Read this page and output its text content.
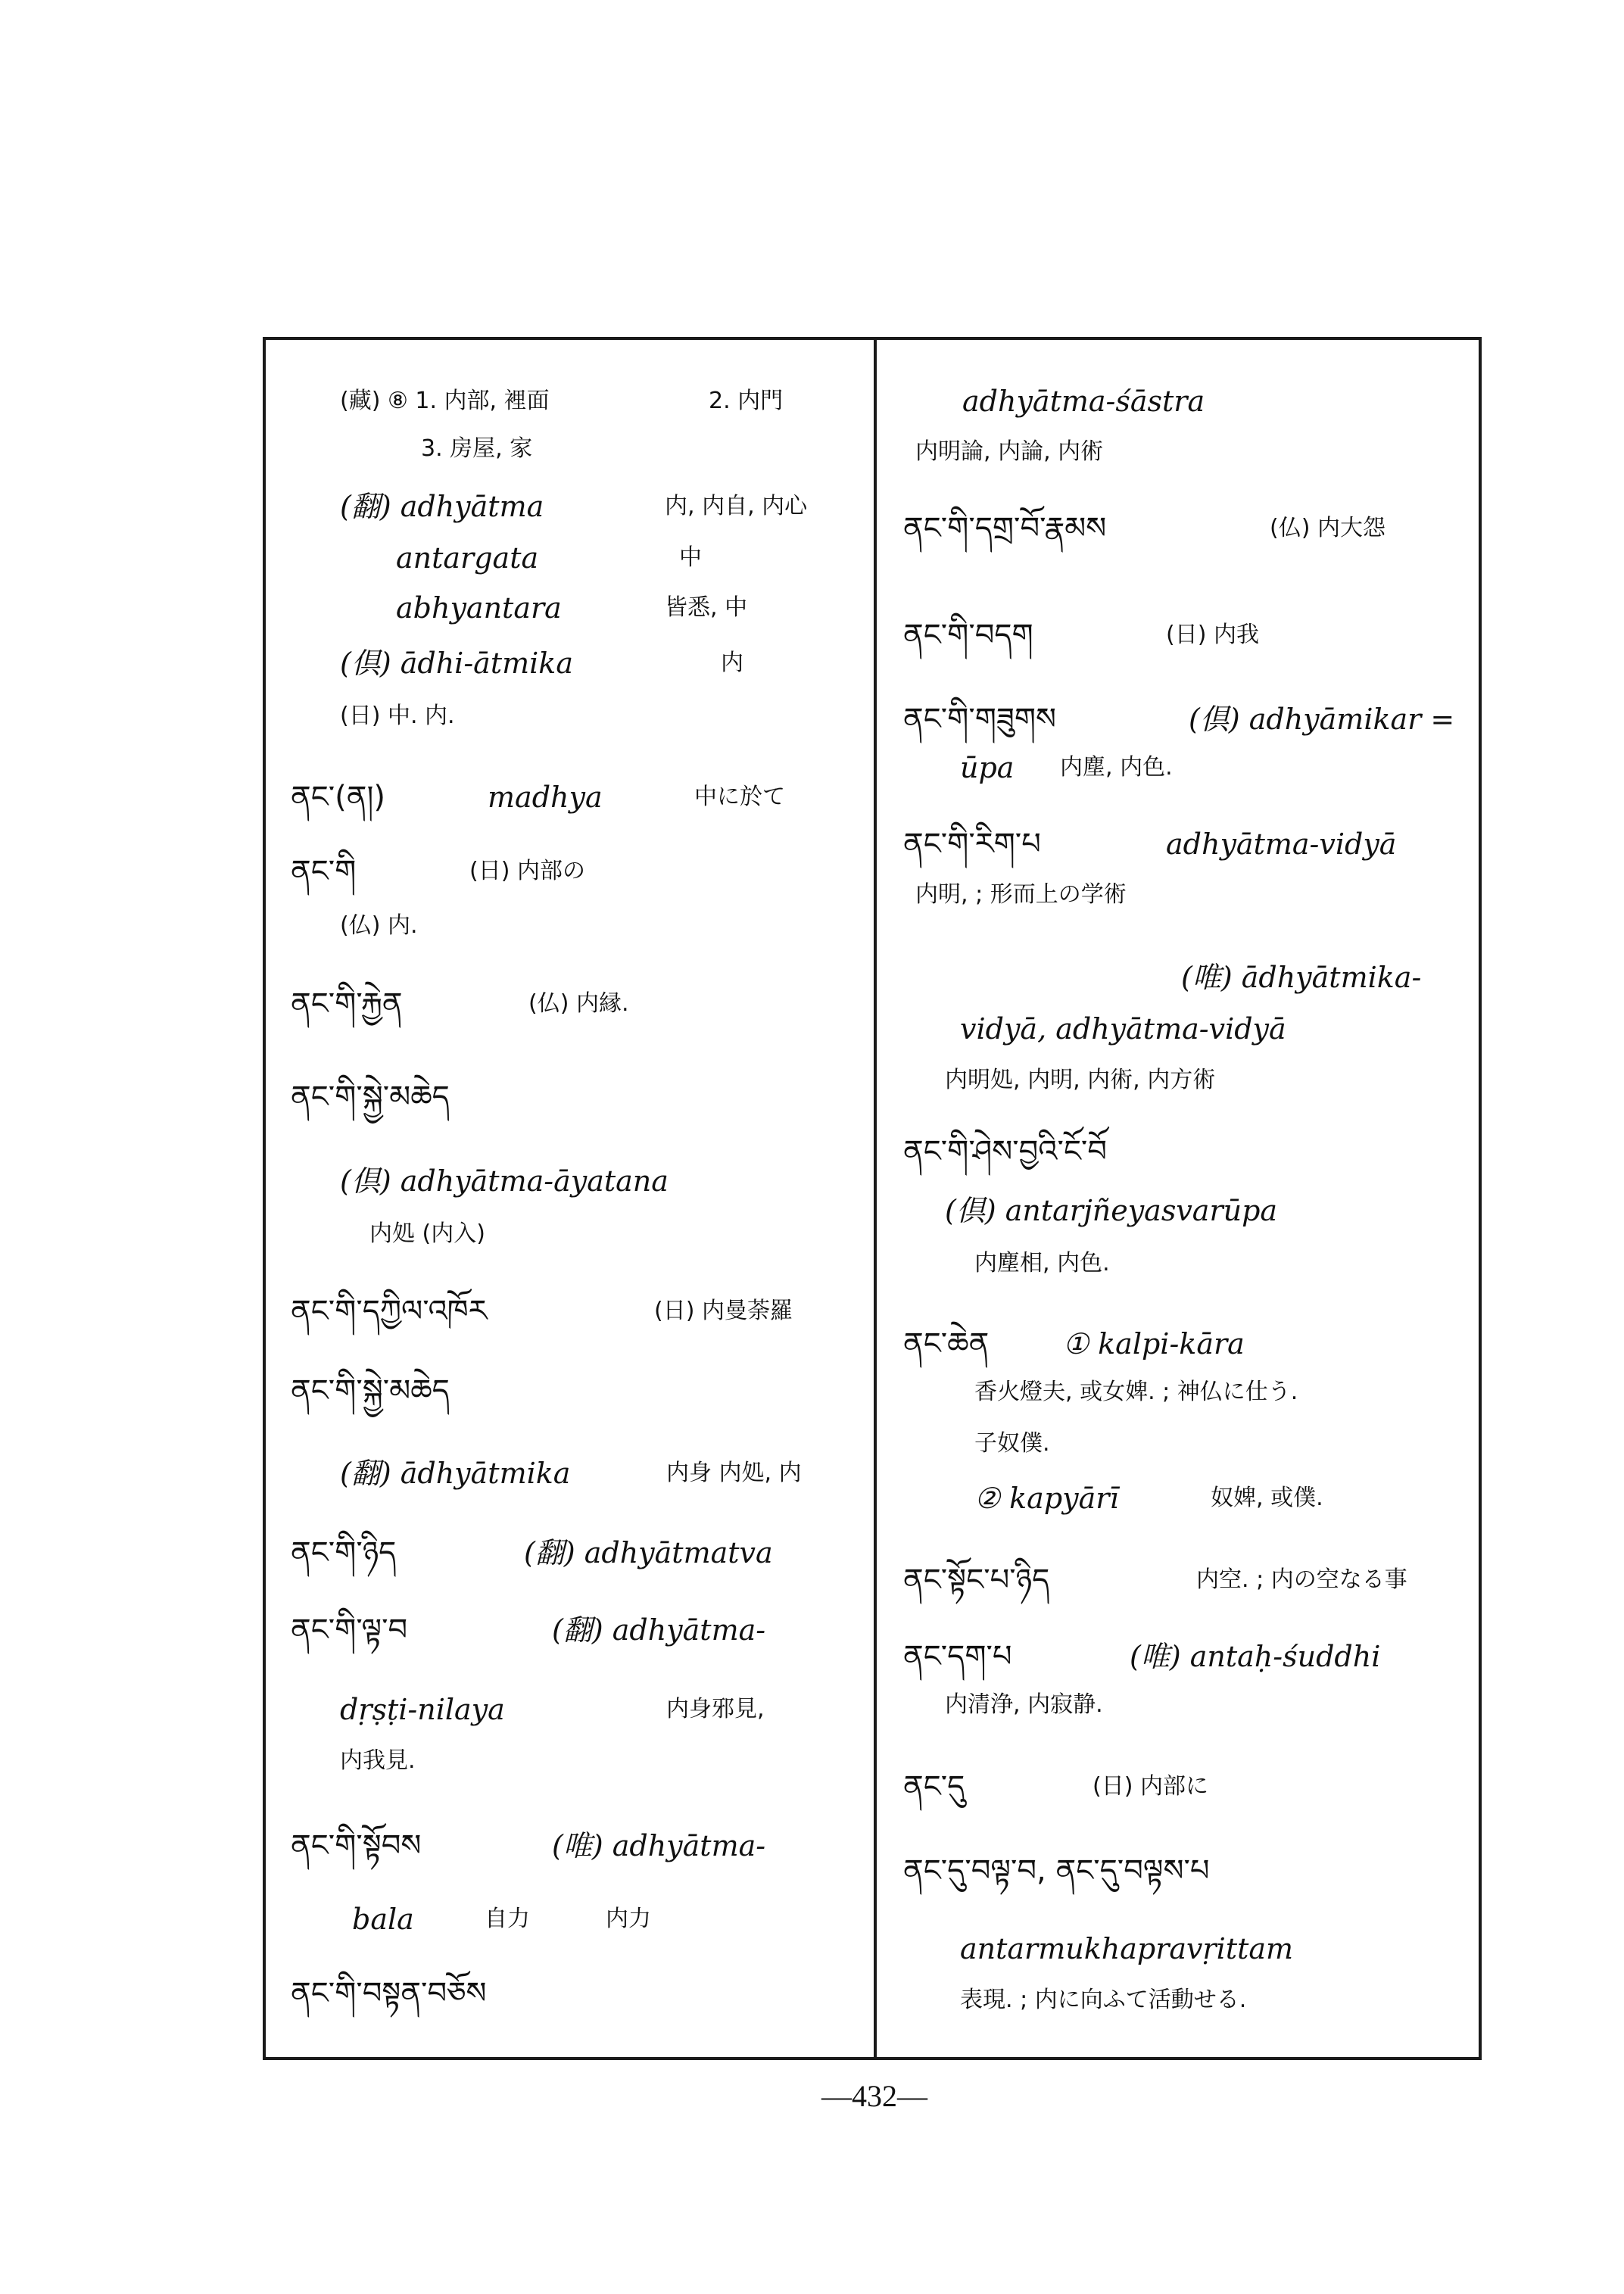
(藏) ⑧ 1. 内部, 裡面	2. 内門
3. 房屋, 家
(翻) adhyātma	内, 内自, 内心
antargata	中
abhyantara	皆悉, 中
(倶) ādhi-ātmika	内
(日) 中. 内.
ནང་(ན།)	madhya	中に於て
ནང་གི	(日) 内部の
(仏) 内.
ནང་གི་རྐྱེན	(仏) 内縁.
ནང་གི་སྐྱེ་མཆེད
(倶) adhyātma-āyatana
内処 (内入)
ནང་གི་དཀྱིལ་འཁོར	(日) 内曼荼羅
ནང་གི་སྐྱེ་མཆེད
(翻) ādhyātmika	内身 内処, 内
ནང་གི་ཉིད	(翻) adhyātmatva
ནང་གི་ལྟ་བ	(翻) adhyātma-
dṛṣṭi-nilaya	内身邪見,
内我見.
ནང་གི་སྟོབས	(唯) adhyātma-
bala	自力	内力
ནང་གི་བསྟན་བཅོས
adhyātma-śāstra
内明論, 内論, 内術
ནང་གི་དགྲ་བོ་རྣམས	(仏) 内大怨
ནང་གི་བདག	(日) 内我
ནང་གི་གཟུགས	(倶) adhyāmikar =
ūpa 内塵, 内色.
ནང་གི་རིག་པ	adhyātma-vidyā
内明, ; 形而上の学術
(唯) ādhyātmika-
vidyā, adhyātma-vidyā
内明処, 内明, 内術, 内方術
ནང་གི་ཤེས་བྱའི་ངོ་བོ
(倶) antarjñeyasvarūpa
内塵相, 内色.
ནང་ཆེན	① kalpi-kāra
香火燈夫, 或女婢. ; 神仏に仕う.
子奴僕.
② kapyārī	奴婢, 或僕.
ནང་སྟོང་པ་ཉིད	内空. ; 内の空なる事
ནང་དག་པ	(唯) antaḥ-śuddhi
内清浄, 内寂静.
ནང་དུ	(日) 内部に
ནང་དུ་བལྟ་བ, ནང་དུ་བལྟས་པ
antarmukhapravṛittam
表現. ; 内に向ふて活動せる.
—432—
